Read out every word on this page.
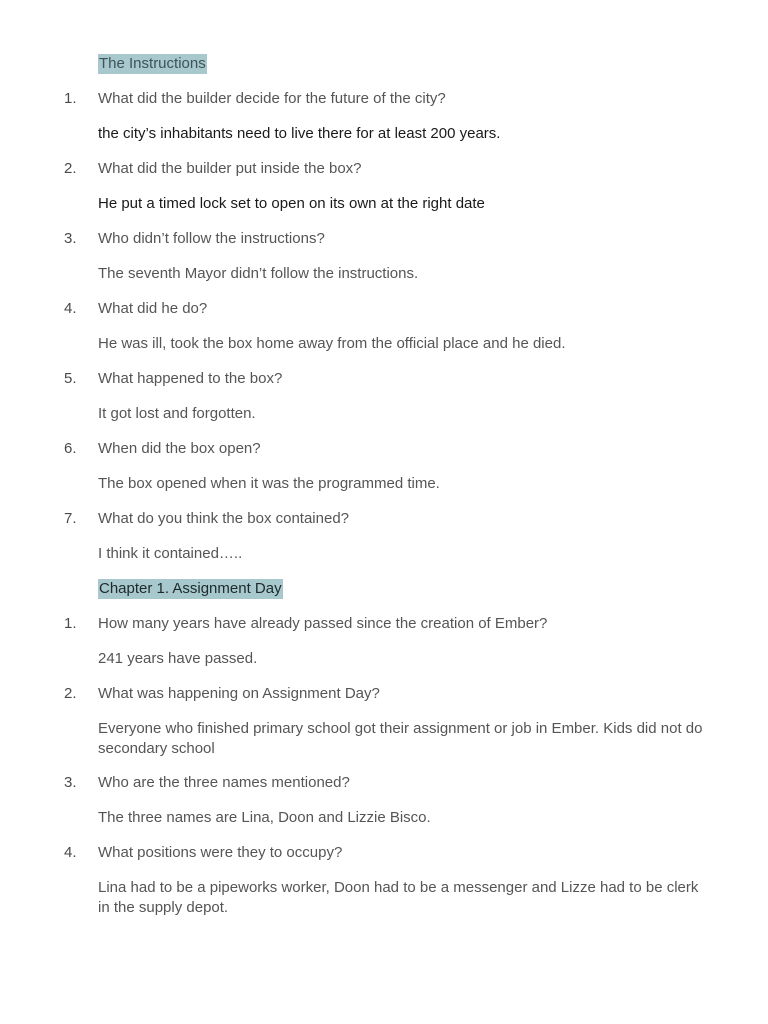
The Instructions
1.	What did the builder decide for the future of the city?
the city’s inhabitants need to live there for at least 200 years.
2.	What did the builder put inside the box?
He put a timed lock set to open on its own at the right date
3.	Who didn’t follow the instructions?
The seventh Mayor didn’t follow the instructions.
4.	What did he do?
He was ill, took the box home away from the official place and he died.
5.	What happened to the box?
It got lost and forgotten.
6.	When did the box open?
The box opened when it was the programmed time.
7.	What do you think the box contained?
I think it contained…..
Chapter 1. Assignment Day
1.	How many years have already passed since the creation of Ember?
241 years have passed.
2.	What was happening on Assignment Day?
Everyone who finished primary school got their assignment or job in Ember. Kids did not do secondary school
3.	Who are the three names mentioned?
The three names are Lina, Doon and Lizzie Bisco.
4.	What positions were they to occupy?
Lina had to be a pipeworks worker, Doon had to be a messenger and Lizze had to be clerk in the supply depot.
